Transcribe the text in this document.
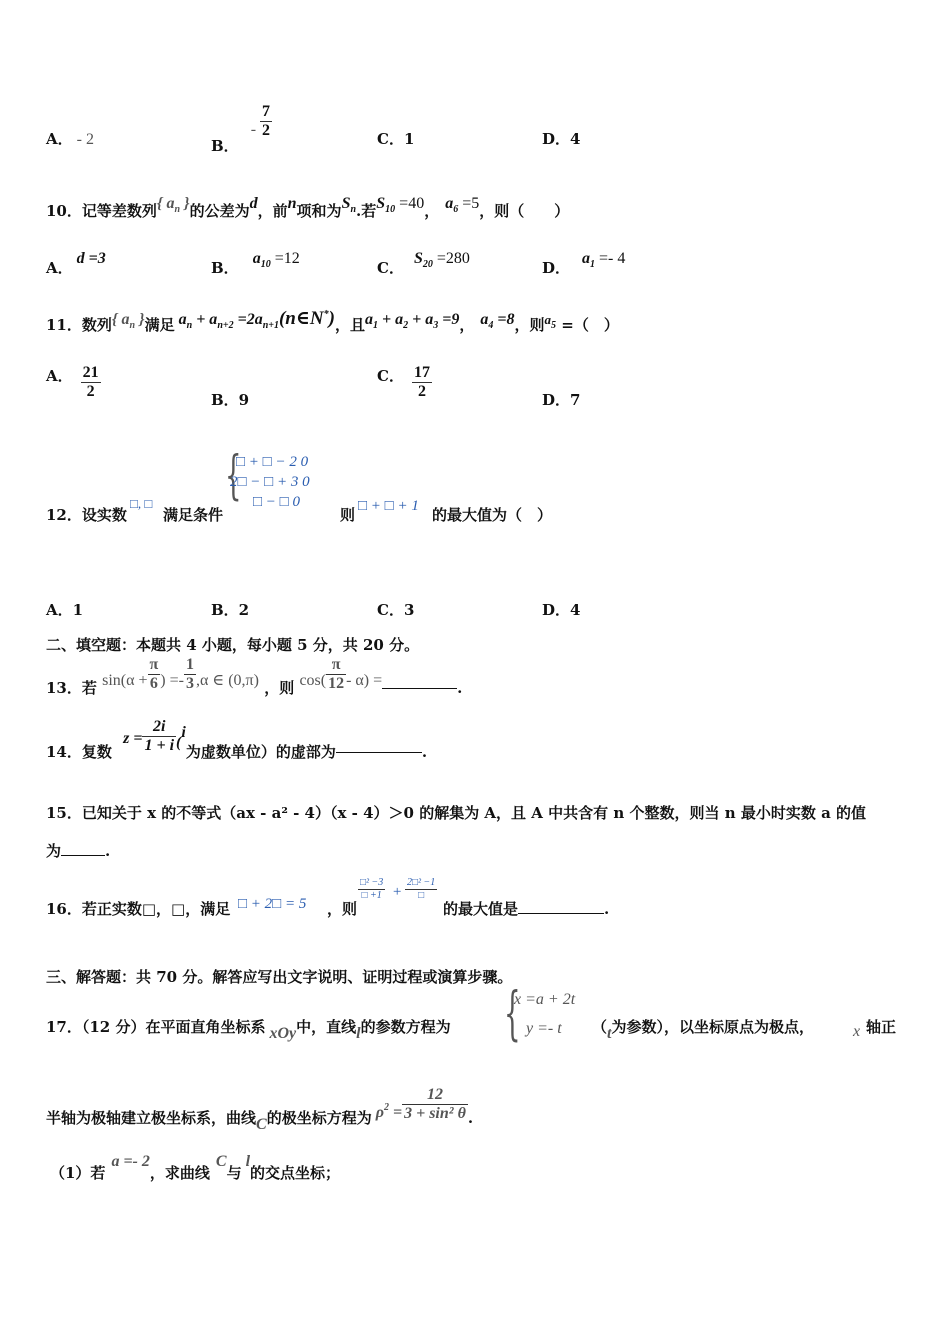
A． - 2	B．- $\frac{7}{2}$	C．1	D．4
10．记等差数列{ $a_n$ }的公差为d，前n项和为$S_n$.若$S_{10} =40$， $a_6 =5$，则（　　）
A．d =3
B．$a_{10} =12$
C．$S_{20} =280$
D．$a_1 =- 4$
11．数列{ $a_n$ }满足 $a_n + a_{n+2}$ $=2a_{n+1}(n\in N^*)$，且$a_1 + a_2 + a_3 =9$， $a_4 =8$，则$a_5$ =（　）
A． $\frac{21}{2}$	B．9
C． $\frac{17}{2}$	D．7
12．设实数
□, □
满足条件
{
□ + □ − 2 0
2□ − □ + 3 0
□ − □ 0
则 □ + □ + 1 的最大值为（　）
A．1	B．2	C．3	D．4
二、填空题：本题共 4 小题，每小题 5 分，共 20 分。
13．若 $\sin(\alpha + \frac{\pi}{6}$ ) =- $\frac{1}{3} ,\alpha$ ∈ (0,π) ，则 $\cos( \frac{\pi}{12} - \alpha)$ =	.
14．复数 $z = \frac{2i}{1 + i} (i$为虚数单位）的虚部为	.
15．已知关于 x 的不等式（ax - a² - 4）（x - 4）＞0 的解集为 A，且 A 中共含有 n 个整数，则当 n 最小时实数 a 的值
为	.
16．若正实数□，□，满足 □ + 2□ = 5 ，则
$\frac{\text{□² −3}}{□ +1} + \frac{\text{2□² −1}}{□}$
的最大值是	.
三、解答题：共 70 分。解答应写出文字说明、证明过程或演算步骤。
17．（12 分）在平面直角坐标系 xOy中，直线l的参数方程为 {
x =a + 2t
y =- t （t为参数），以坐标原点为极点， x 轴正
半轴为极轴建立极坐标系，曲线C的极坐标方程为 $\rho^2 = \frac{12}{\text{3 + sin² θ}}$ .
（1）若a =- 2，求曲线C与l的交点坐标；
